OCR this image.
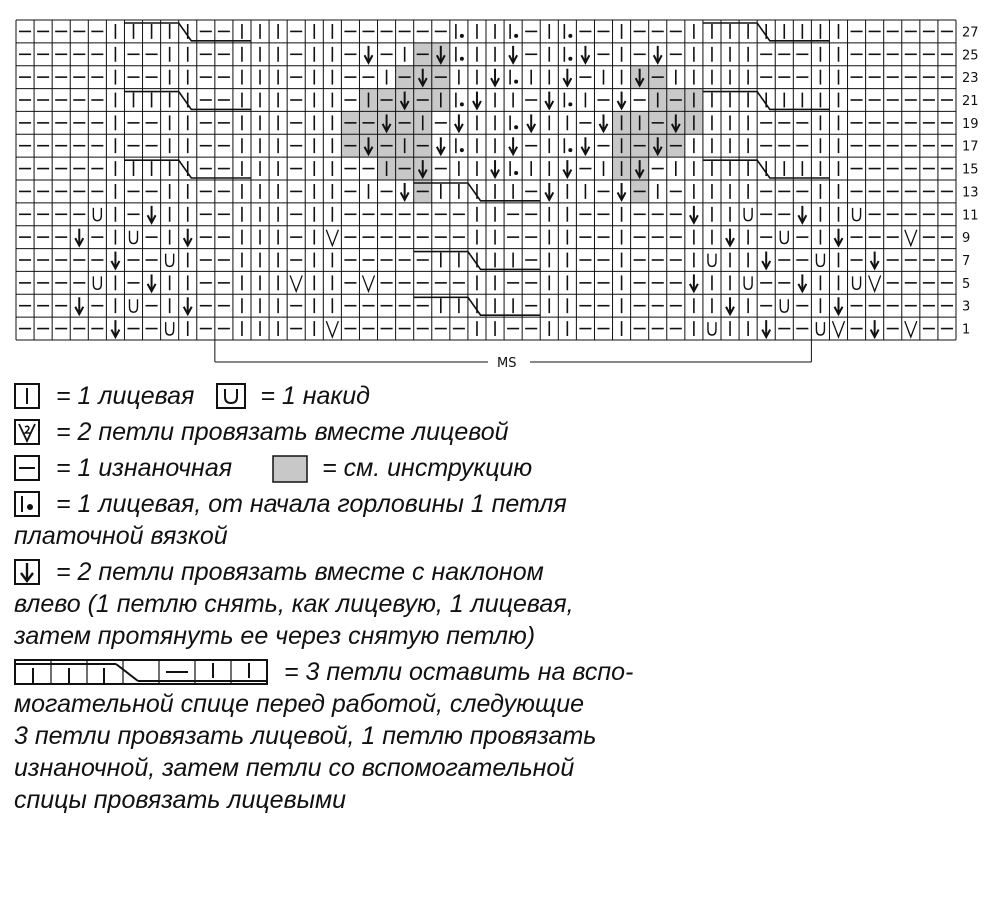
27
25
23
21
19
17
15
13
11
9
7
5
3
1
MS
= 1 лицевая	= 1 накид
= 2 петли провязать вместе лицевой
= 1 изнаночная	= см. инструкцию
= 1 лицевая, от начала горловины 1 петля
платочной вязкой
= 2 петли провязать вместе с наклоном
влево (1 петлю снять, как лицевую, 1 лицевая,
затем протянуть ее через снятую петлю)
= 3 петли оставить на вспо-
могательной спице перед работой, следующие
3 петли провязать лицевой, 1 петлю провязать
изнаночной, затем петли со вспомогательной
спицы провязать лицевыми
